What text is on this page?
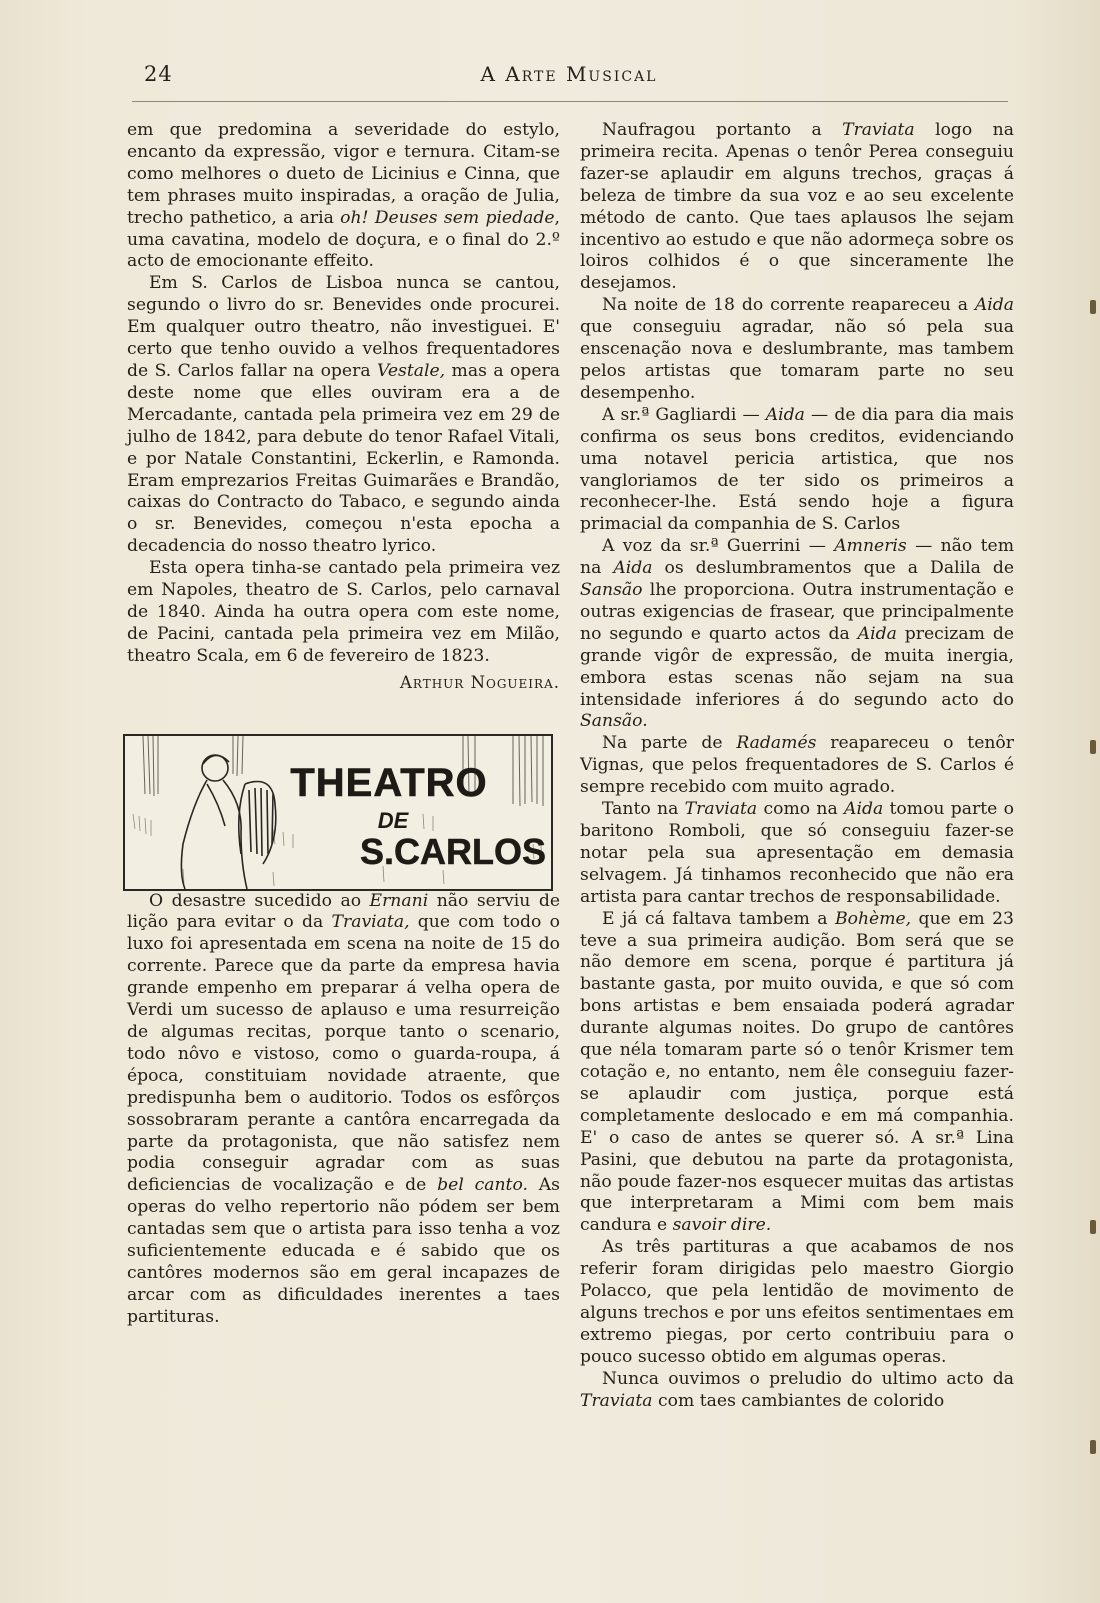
24	A Arte Musical

em que predomina a severidade do estylo, encanto da expressão, vigor e ternura. Citam-se como melhores o dueto de Licinius e Cinna, que tem phrases muito inspiradas, a oração de Julia, trecho pathetico, a aria oh! Deuses sem piedade, uma cavatina, modelo de doçura, e o final do 2.º acto de emocionante effeito.

Em S. Carlos de Lisboa nunca se cantou, segundo o livro do sr. Benevides onde procurei. Em qualquer outro theatro, não investiguei. E' certo que tenho ouvido a velhos frequentadores de S. Carlos fallar na opera Vestale, mas a opera deste nome que elles ouviram era a de Mercadante, cantada pela primeira vez em 29 de julho de 1842, para debute do tenor Rafael Vitali, e por Natale Constantini, Eckerlin, e Ramonda. Eram emprezarios Freitas Guimarães e Brandão, caixas do Contracto do Tabaco, e segundo ainda o sr. Benevides, começou n'esta epocha a decadencia do nosso theatro lyrico.

Esta opera tinha-se cantado pela primeira vez em Napoles, theatro de S. Carlos, pelo carnaval de 1840. Ainda ha outra opera com este nome, de Pacini, cantada pela primeira vez em Milão, theatro Scala, em 6 de fevereiro de 1823.

Arthur Nogueira.
THEATRO
DE
S.CARLOS

O desastre sucedido ao Ernani não serviu de lição para evitar o da Traviata, que com todo o luxo foi apresentada em scena na noite de 15 do corrente. Parece que da parte da empresa havia grande empenho em preparar á velha opera de Verdi um sucesso de aplauso e uma resurreição de algumas recitas, porque tanto o scenario, todo nôvo e vistoso, como o guarda-roupa, á época, constituiam novidade atraente, que predispunha bem o auditorio. Todos os esfôrços sossobraram perante a cantôra encarregada da parte da protagonista, que não satisfez nem podia conseguir agradar com as suas deficiencias de vocalização e de bel canto. As operas do velho repertorio não pódem ser bem cantadas sem que o artista para isso tenha a voz suficientemente educada e é sabido que os cantôres modernos são em geral incapazes de arcar com as dificuldades inerentes a taes partituras.

Naufragou portanto a Traviata logo na primeira recita. Apenas o tenôr Perea conseguiu fazer-se aplaudir em alguns trechos, graças á beleza de timbre da sua voz e ao seu excelente método de canto. Que taes aplausos lhe sejam incentivo ao estudo e que não adormeça sobre os loiros colhidos é o que sinceramente lhe desejamos.

Na noite de 18 do corrente reapareceu a Aida que conseguiu agradar, não só pela sua enscenação nova e deslumbrante, mas tambem pelos artistas que tomaram parte no seu desempenho.

A sr.ª Gagliardi — Aida — de dia para dia mais confirma os seus bons creditos, evidenciando uma notavel pericia artistica, que nos vangloriamos de ter sido os primeiros a reconhecer-lhe. Está sendo hoje a figura primacial da companhia de S. Carlos

A voz da sr.ª Guerrini — Amneris — não tem na Aida os deslumbramentos que a Dalila de Sansão lhe proporciona. Outra instrumentação e outras exigencias de frasear, que principalmente no segundo e quarto actos da Aida precizam de grande vigôr de expressão, de muita inergia, embora estas scenas não sejam na sua intensidade inferiores á do segundo acto do Sansão.

Na parte de Radamés reapareceu o tenôr Vignas, que pelos frequentadores de S. Carlos é sempre recebido com muito agrado.

Tanto na Traviata como na Aida tomou parte o baritono Romboli, que só conseguiu fazer-se notar pela sua apresentação em demasia selvagem. Já tinhamos reconhecido que não era artista para cantar trechos de responsabilidade.

E já cá faltava tambem a Bohème, que em 23 teve a sua primeira audição. Bom será que se não demore em scena, porque é partitura já bastante gasta, por muito ouvida, e que só com bons artistas e bem ensaiada poderá agradar durante algumas noites. Do grupo de cantôres que néla tomaram parte só o tenôr Krismer tem cotação e, no entanto, nem êle conseguiu fazer-se aplaudir com justiça, porque está completamente deslocado e em má companhia. E' o caso de antes se querer só. A sr.ª Lina Pasini, que debutou na parte da protagonista, não poude fazer-nos esquecer muitas das artistas que interpretaram a Mimi com bem mais candura e savoir dire.

As três partituras a que acabamos de nos referir foram dirigidas pelo maestro Giorgio Polacco, que pela lentidão de movimento de alguns trechos e por uns efeitos sentimentaes em extremo piegas, por certo contribuiu para o pouco sucesso obtido em algumas operas.

Nunca ouvimos o preludio do ultimo acto da Traviata com taes cambiantes de colorido
